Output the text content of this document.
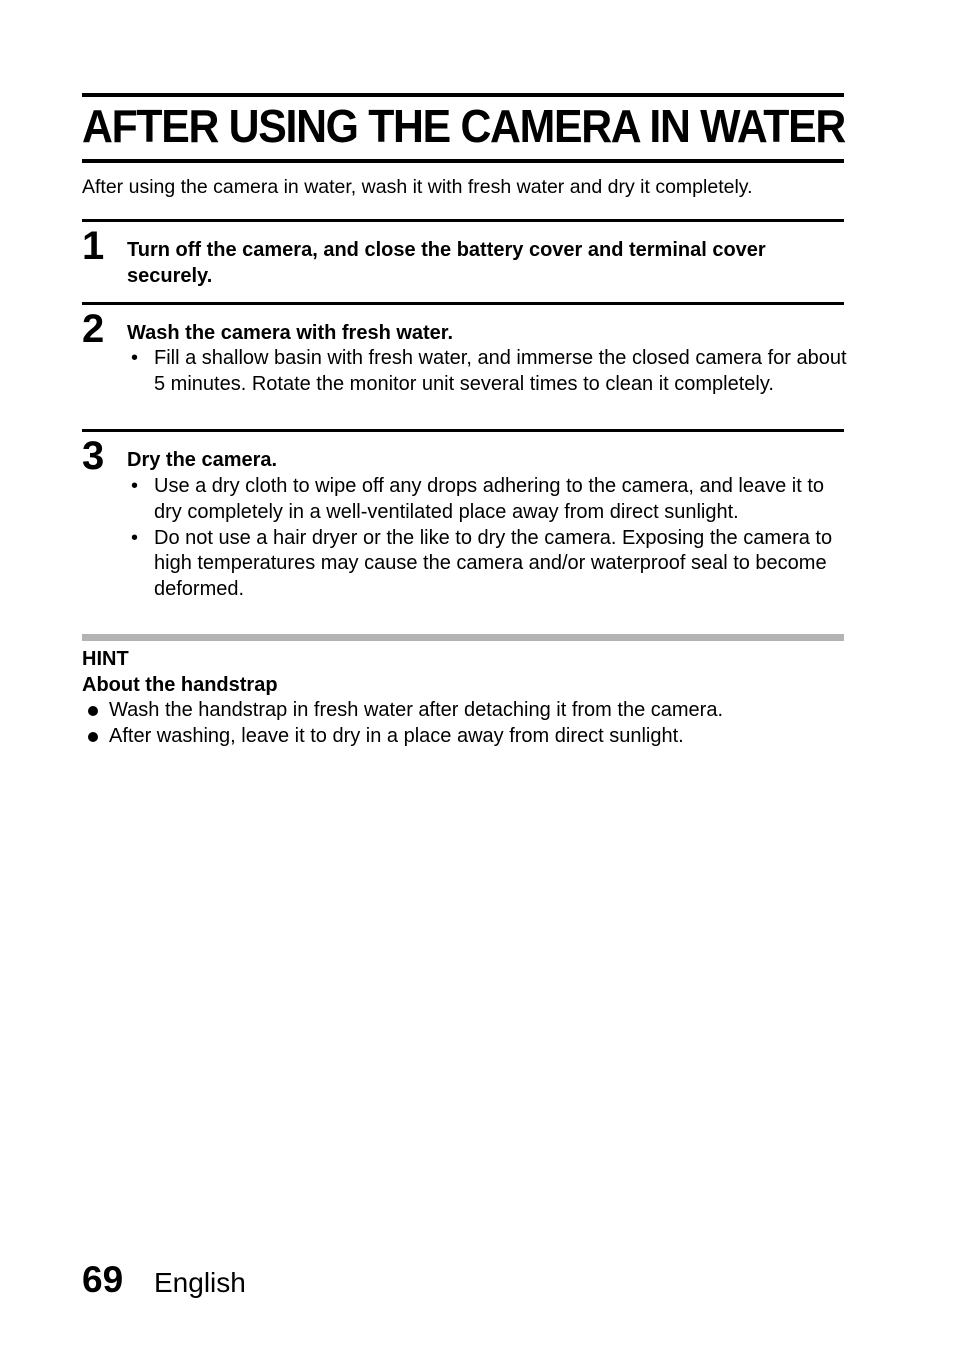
AFTER USING THE CAMERA IN WATER
After using the camera in water, wash it with fresh water and dry it completely.
1 Turn off the camera, and close the battery cover and terminal cover securely.
2 Wash the camera with fresh water.
• Fill a shallow basin with fresh water, and immerse the closed camera for about 5 minutes. Rotate the monitor unit several times to clean it completely.
3 Dry the camera.
• Use a dry cloth to wipe off any drops adhering to the camera, and leave it to dry completely in a well-ventilated place away from direct sunlight.
• Do not use a hair dryer or the like to dry the camera. Exposing the camera to high temperatures may cause the camera and/or waterproof seal to become deformed.
HINT
About the handstrap
Wash the handstrap in fresh water after detaching it from the camera.
After washing, leave it to dry in a place away from direct sunlight.
69 English
